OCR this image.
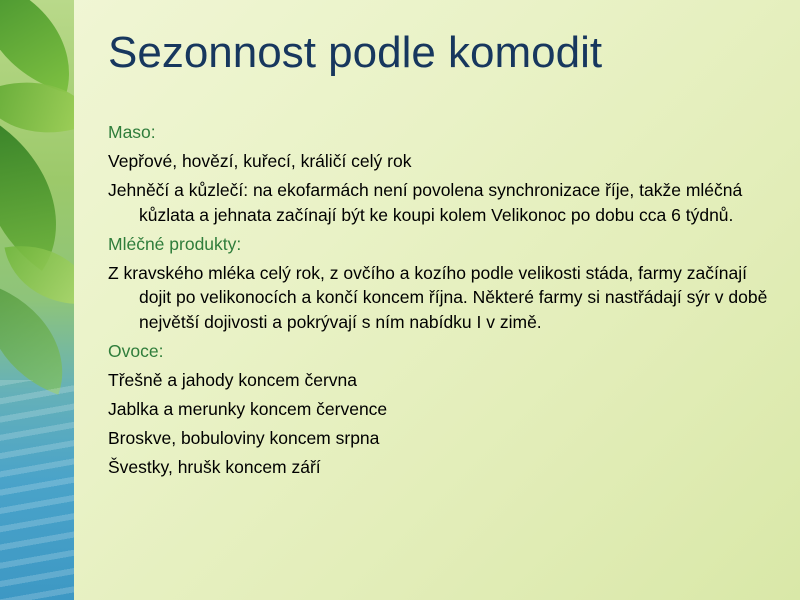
Sezonnost podle komodit

Maso:

Vepřové, hovězí, kuřecí, králičí celý rok

Jehněčí a kůzlečí: na ekofarmách není povolena synchronizace říje, takže mléčná kůzlata a jehnata začínají být ke koupi kolem Velikonoc po dobu cca 6 týdnů.

Mléčné produkty:

Z kravského mléka celý rok, z ovčího a kozího podle velikosti stáda, farmy začínají dojit po velikonocích a končí koncem října. Některé farmy si nastřádají sýr v době největší dojivosti a pokrývají s ním nabídku I v zimě.

Ovoce:

Třešně a jahody koncem června

Jablka a merunky koncem července

Broskve, bobuloviny koncem srpna

Švestky, hrušk koncem září
